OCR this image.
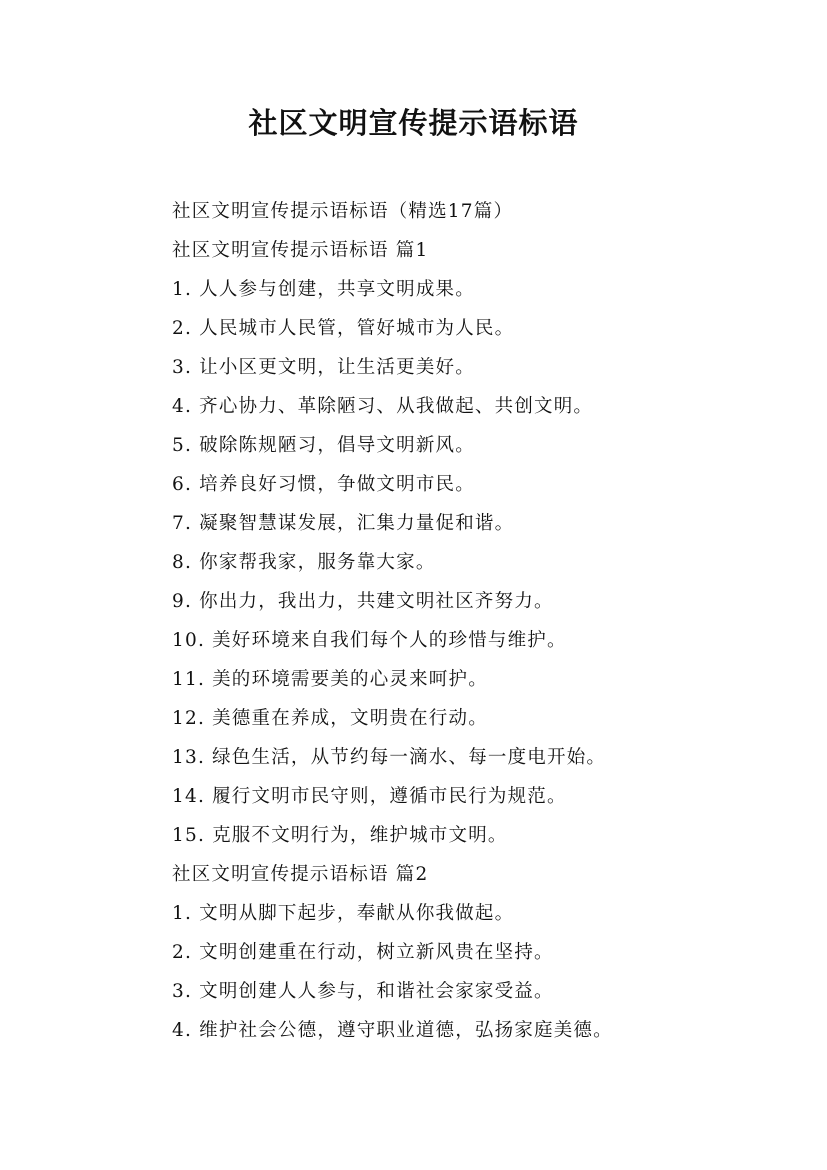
社区文明宣传提示语标语
社区文明宣传提示语标语（精选17篇）
社区文明宣传提示语标语 篇1
1. 人人参与创建，共享文明成果。
2. 人民城市人民管，管好城市为人民。
3. 让小区更文明，让生活更美好。
4. 齐心协力、革除陋习、从我做起、共创文明。
5. 破除陈规陋习，倡导文明新风。
6. 培养良好习惯，争做文明市民。
7. 凝聚智慧谋发展，汇集力量促和谐。
8. 你家帮我家，服务靠大家。
9. 你出力，我出力，共建文明社区齐努力。
10. 美好环境来自我们每个人的珍惜与维护。
11. 美的环境需要美的心灵来呵护。
12. 美德重在养成，文明贵在行动。
13. 绿色生活，从节约每一滴水、每一度电开始。
14. 履行文明市民守则，遵循市民行为规范。
15. 克服不文明行为，维护城市文明。
社区文明宣传提示语标语 篇2
1. 文明从脚下起步，奉献从你我做起。
2. 文明创建重在行动，树立新风贵在坚持。
3. 文明创建人人参与，和谐社会家家受益。
4. 维护社会公德，遵守职业道德，弘扬家庭美德。
